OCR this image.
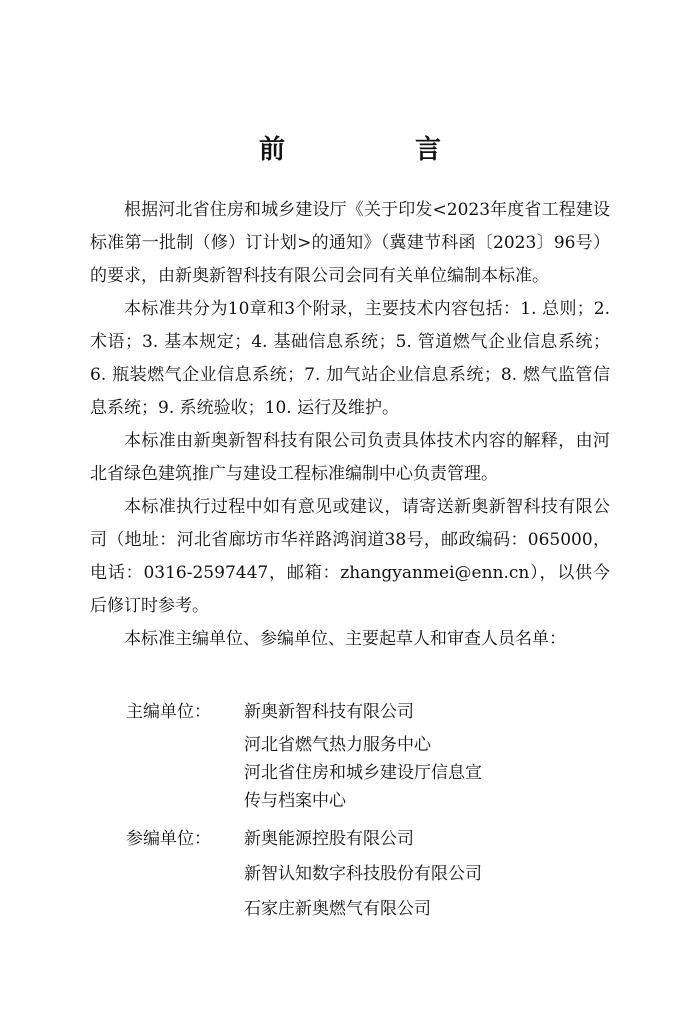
前　言

根据河北省住房和城乡建设厅《关于印发<2023年度省工程建设标准第一批制（修）订计划>的通知》（冀建节科函〔2023〕96号）的要求，由新奥新智科技有限公司会同有关单位编制本标准。

本标准共分为10章和3个附录，主要技术内容包括：1. 总则；2. 术语；3. 基本规定；4. 基础信息系统；5. 管道燃气企业信息系统；6. 瓶装燃气企业信息系统；7. 加气站企业信息系统；8. 燃气监管信息系统；9. 系统验收；10. 运行及维护。

本标准由新奥新智科技有限公司负责具体技术内容的解释，由河北省绿色建筑推广与建设工程标准编制中心负责管理。

本标准执行过程中如有意见或建议，请寄送新奥新智科技有限公司（地址：河北省廊坊市华祥路鸿润道38号，邮政编码：065000，电话：0316-2597447，邮箱：zhangyanmei@enn.cn），以供今后修订时参考。

本标准主编单位、参编单位、主要起草人和审查人员名单：

主编单位：	新奥新智科技有限公司
河北省燃气热力服务中心
河北省住房和城乡建设厅信息宣传与档案中心
参编单位：	新奥能源控股有限公司
新智认知数字科技股份有限公司
石家庄新奥燃气有限公司
